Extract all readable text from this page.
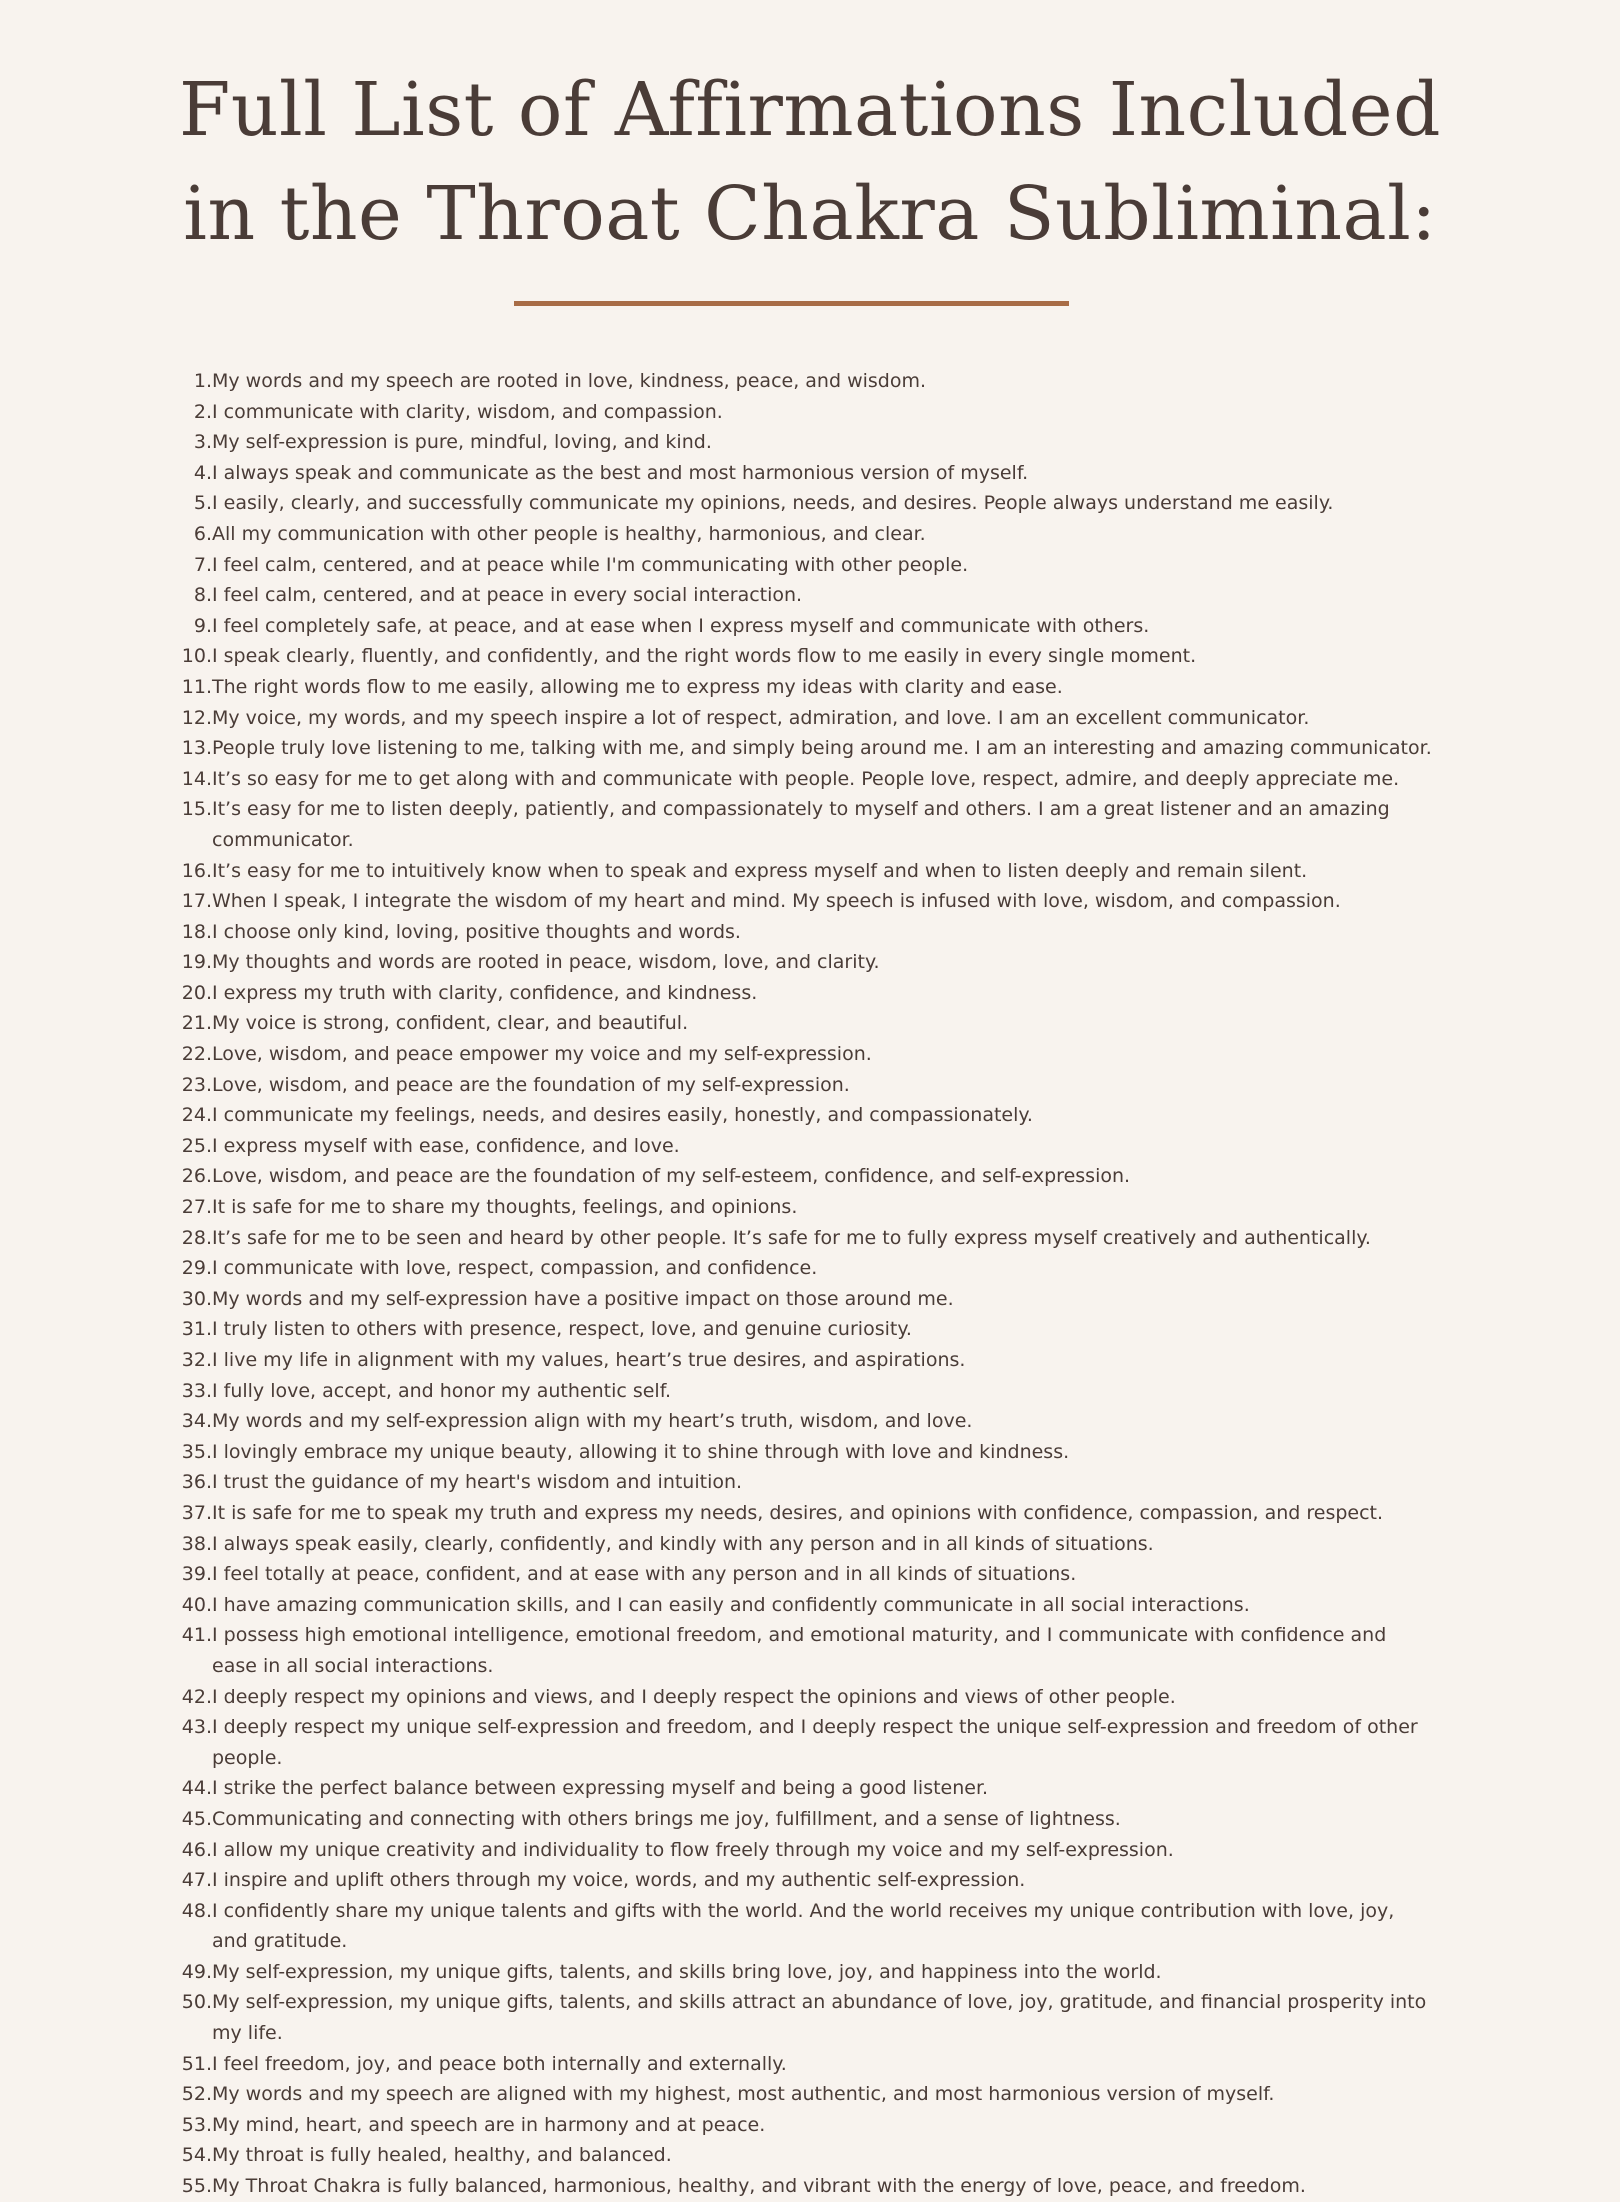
Full List of Affirmations Included
in the Throat Chakra Subliminal:
1. My words and my speech are rooted in love, kindness, peace, and wisdom.
2. I communicate with clarity, wisdom, and compassion.
3. My self-expression is pure, mindful, loving, and kind.
4. I always speak and communicate as the best and most harmonious version of myself.
5. I easily, clearly, and successfully communicate my opinions, needs, and desires. People always understand me easily.
6. All my communication with other people is healthy, harmonious, and clear.
7. I feel calm, centered, and at peace while I'm communicating with other people.
8. I feel calm, centered, and at peace in every social interaction.
9. I feel completely safe, at peace, and at ease when I express myself and communicate with others.
10. I speak clearly, fluently, and confidently, and the right words flow to me easily in every single moment.
11. The right words flow to me easily, allowing me to express my ideas with clarity and ease.
12. My voice, my words, and my speech inspire a lot of respect, admiration, and love. I am an excellent communicator.
13. People truly love listening to me, talking with me, and simply being around me. I am an interesting and amazing communicator.
14. It’s so easy for me to get along with and communicate with people. People love, respect, admire, and deeply appreciate me.
15. It’s easy for me to listen deeply, patiently, and compassionately to myself and others. I am a great listener and an amazing communicator.
16. It’s easy for me to intuitively know when to speak and express myself and when to listen deeply and remain silent.
17. When I speak, I integrate the wisdom of my heart and mind. My speech is infused with love, wisdom, and compassion.
18. I choose only kind, loving, positive thoughts and words.
19. My thoughts and words are rooted in peace, wisdom, love, and clarity.
20. I express my truth with clarity, confidence, and kindness.
21. My voice is strong, confident, clear, and beautiful.
22. Love, wisdom, and peace empower my voice and my self-expression.
23. Love, wisdom, and peace are the foundation of my self-expression.
24. I communicate my feelings, needs, and desires easily, honestly, and compassionately.
25. I express myself with ease, confidence, and love.
26. Love, wisdom, and peace are the foundation of my self-esteem, confidence, and self-expression.
27. It is safe for me to share my thoughts, feelings, and opinions.
28. It’s safe for me to be seen and heard by other people. It’s safe for me to fully express myself creatively and authentically.
29. I communicate with love, respect, compassion, and confidence.
30. My words and my self-expression have a positive impact on those around me.
31. I truly listen to others with presence, respect, love, and genuine curiosity.
32. I live my life in alignment with my values, heart’s true desires, and aspirations.
33. I fully love, accept, and honor my authentic self.
34. My words and my self-expression align with my heart’s truth, wisdom, and love.
35. I lovingly embrace my unique beauty, allowing it to shine through with love and kindness.
36. I trust the guidance of my heart's wisdom and intuition.
37. It is safe for me to speak my truth and express my needs, desires, and opinions with confidence, compassion, and respect.
38. I always speak easily, clearly, confidently, and kindly with any person and in all kinds of situations.
39. I feel totally at peace, confident, and at ease with any person and in all kinds of situations.
40. I have amazing communication skills, and I can easily and confidently communicate in all social interactions.
41. I possess high emotional intelligence, emotional freedom, and emotional maturity, and I communicate with confidence and ease in all social interactions.
42. I deeply respect my opinions and views, and I deeply respect the opinions and views of other people.
43. I deeply respect my unique self-expression and freedom, and I deeply respect the unique self-expression and freedom of other people.
44. I strike the perfect balance between expressing myself and being a good listener.
45. Communicating and connecting with others brings me joy, fulfillment, and a sense of lightness.
46. I allow my unique creativity and individuality to flow freely through my voice and my self-expression.
47. I inspire and uplift others through my voice, words, and my authentic self-expression.
48. I confidently share my unique talents and gifts with the world. And the world receives my unique contribution with love, joy, and gratitude.
49. My self-expression, my unique gifts, talents, and skills bring love, joy, and happiness into the world.
50. My self-expression, my unique gifts, talents, and skills attract an abundance of love, joy, gratitude, and financial prosperity into my life.
51. I feel freedom, joy, and peace both internally and externally.
52. My words and my speech are aligned with my highest, most authentic, and most harmonious version of myself.
53. My mind, heart, and speech are in harmony and at peace.
54. My throat is fully healed, healthy, and balanced.
55. My Throat Chakra is fully balanced, harmonious, healthy, and vibrant with the energy of love, peace, and freedom.
